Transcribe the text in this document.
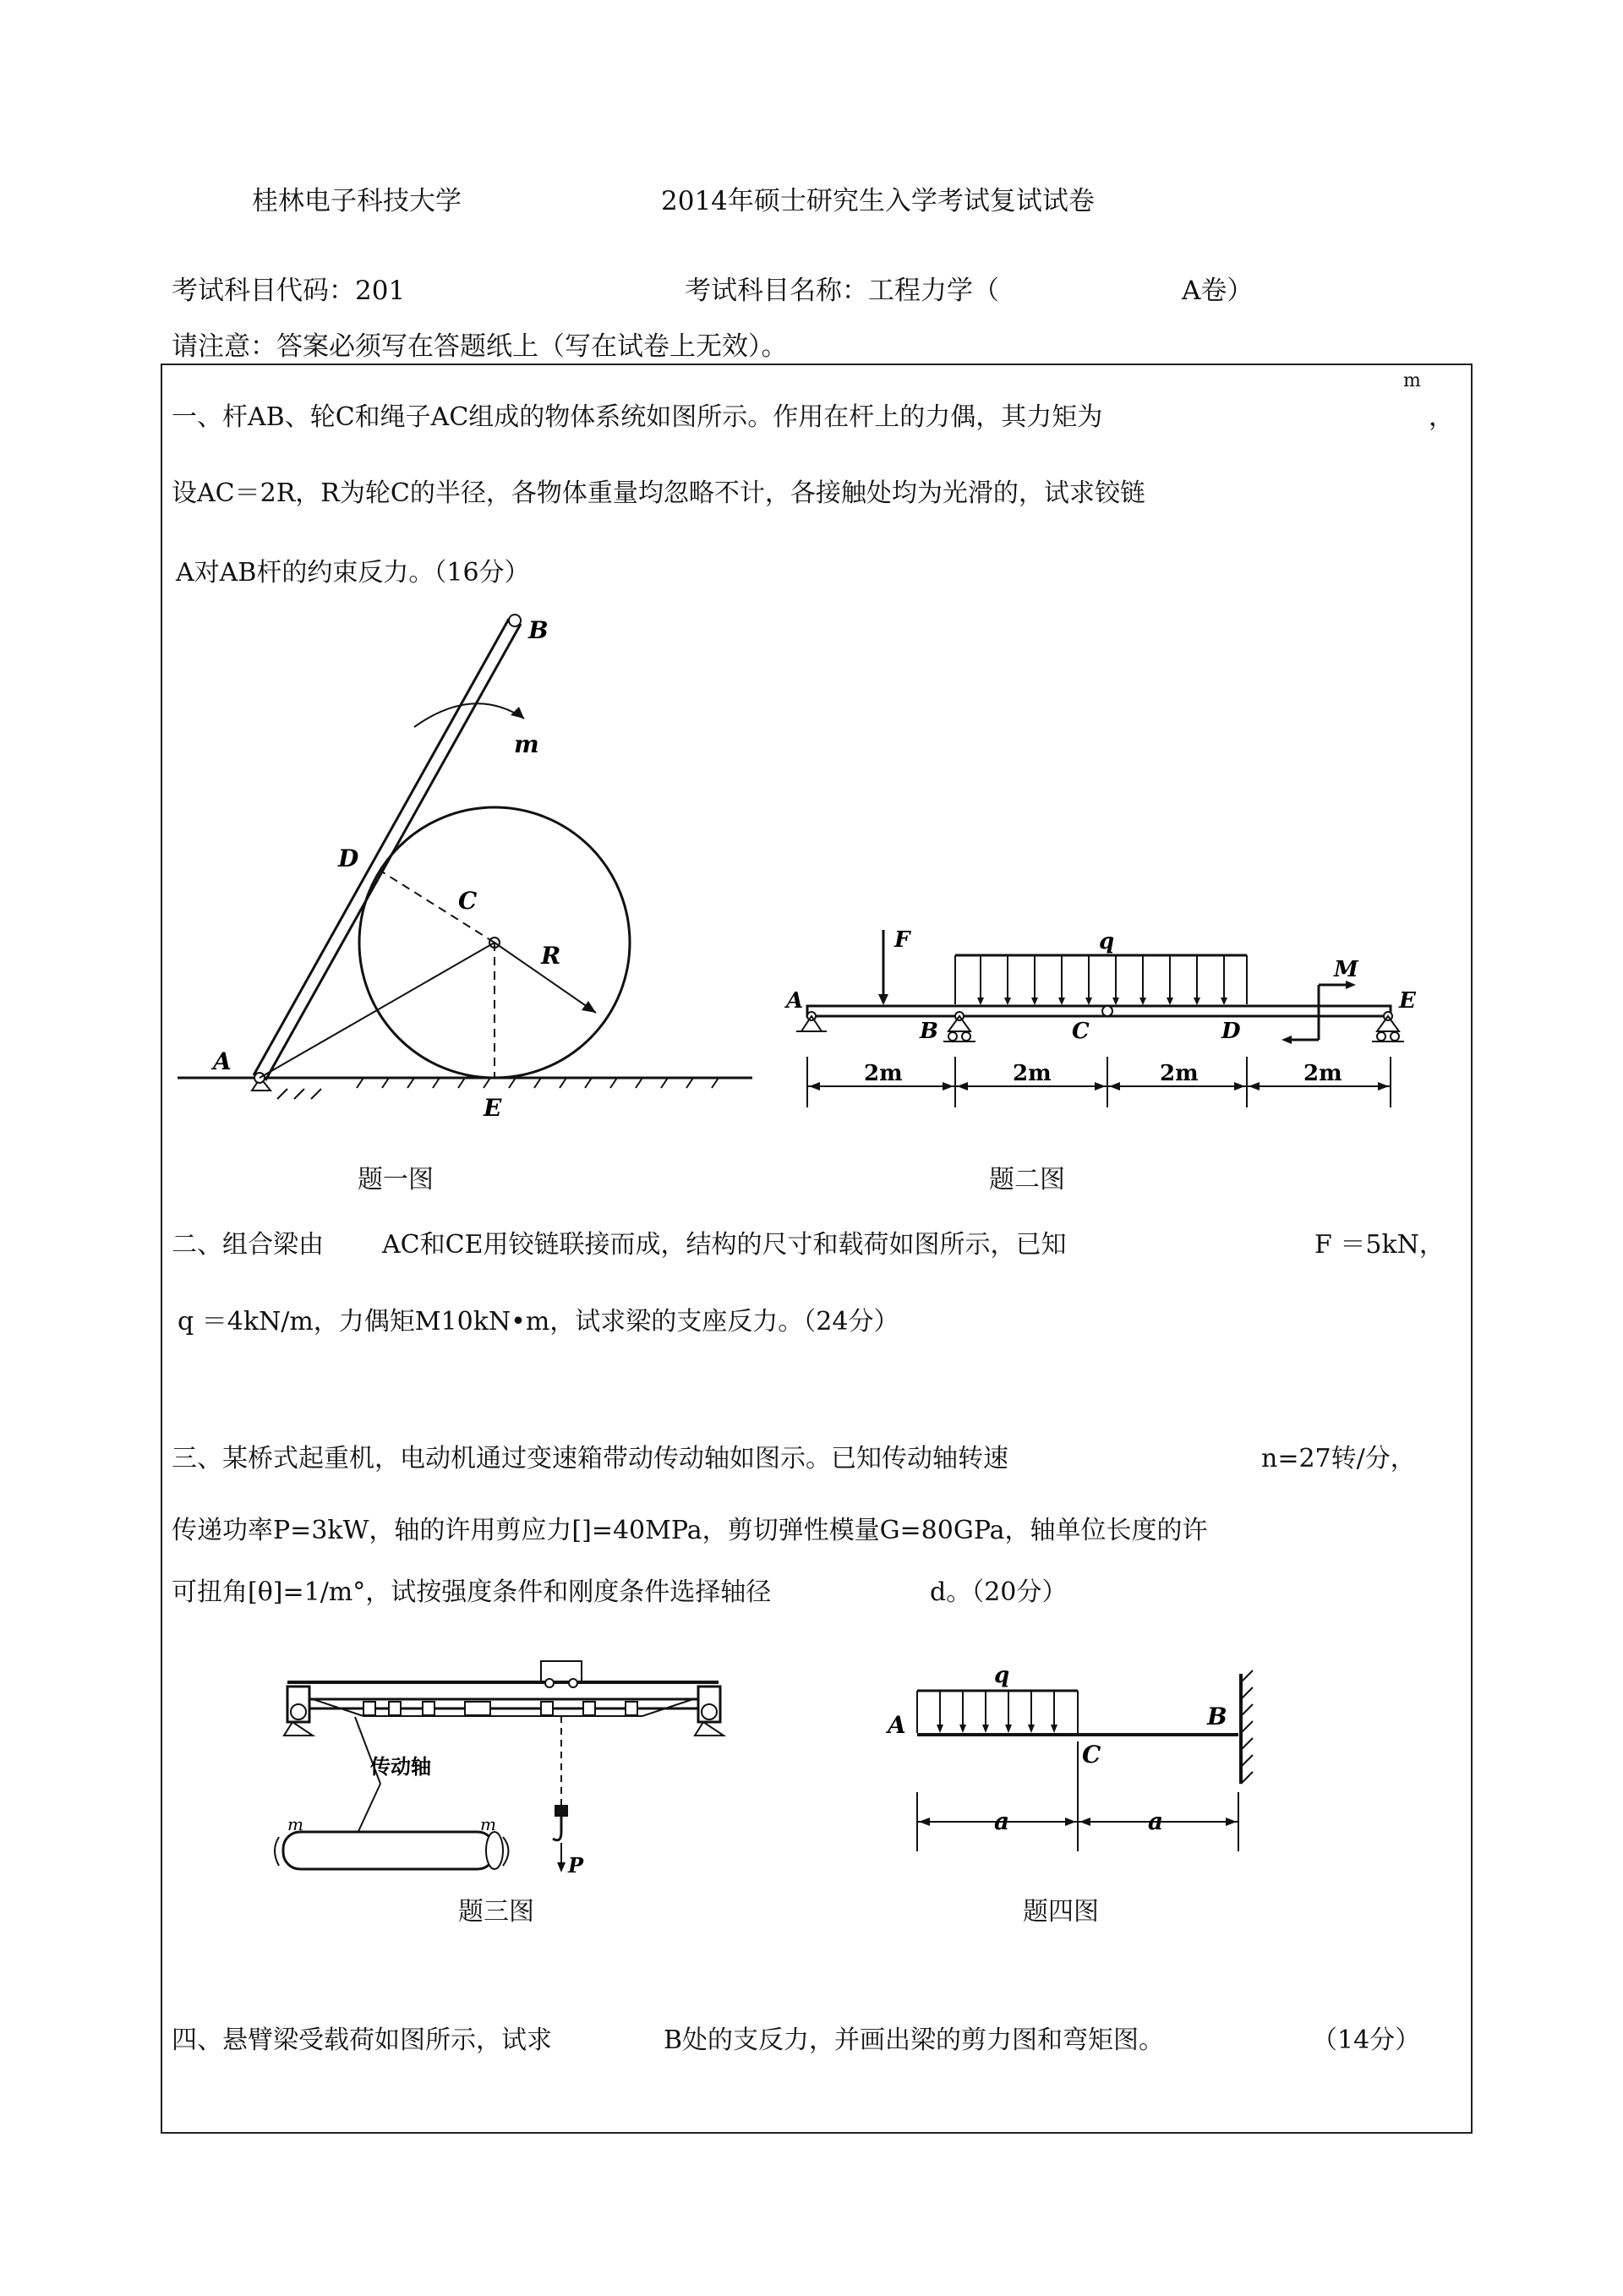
桂林电子科技大学	2014年硕士研究生入学考试复试试卷
考试科目代码：201	考试科目名称：工程力学（	A卷）
请注意：答案必须写在答题纸上（写在试卷上无效）。
一、杆AB、轮C和绳子AC组成的物体系统如图所示。作用在杆上的力偶，其力矩为
m
，
设AC＝2R，R为轮C的半径，各物体重量均忽略不计，各接触处均为光滑的，试求铰链
A对AB杆的约束反力。（16分）
B
m
D
C
R
A
E
题一图
F	q
M
A
B	C	D
E
2m	2m	2m	2m
题二图
二、组合梁由 AC和CE用铰链联接而成，结构的尺寸和载荷如图所示，已知	F ＝5kN，
q ＝4kN/m，力偶矩M10kN•m，试求梁的支座反力。（24分）
三、某桥式起重机，电动机通过变速箱带动传动轴如图示。已知传动轴转速	n=27转/分，
传递功率P=3kW，轴的许用剪应力[]=40MPa，剪切弹性模量G=80GPa，轴单位长度的许
可扭角[θ]=1/m°，试按强度条件和刚度条件选择轴径	d。（20分）
传动轴
m	m
P
题三图
q
A	B
C
a	a
题四图
四、悬臂梁受载荷如图所示，试求	B处的支反力，并画出梁的剪力图和弯矩图。	（14分）
